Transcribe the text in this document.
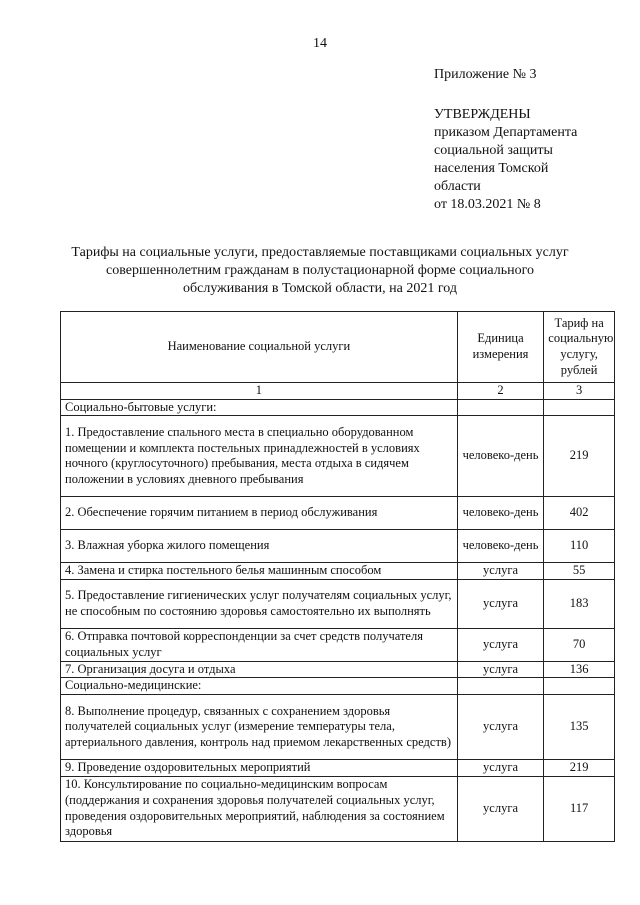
14
Приложение № 3
УТВЕРЖДЕНЫ
приказом Департамента
социальной защиты
населения Томской
области
от 18.03.2021 № 8
Тарифы на социальные услуги, предоставляемые поставщиками социальных услуг
совершеннолетним гражданам в полустационарной форме социального
обслуживания в Томской области, на 2021 год
Наименование социальной услуги	Единица измерения	Тариф на социальную услугу, рублей
1	2	3
Социально-бытовые услуги:		
1. Предоставление спального места в специально оборудованном помещении и комплекта постельных принадлежностей в условиях ночного (круглосуточного) пребывания, места отдыха в сидячем положении в условиях дневного пребывания	человеко-день	219
2. Обеспечение горячим питанием в период обслуживания	человеко-день	402
3. Влажная уборка жилого помещения	человеко-день	110
4. Замена и стирка постельного белья машинным способом	услуга	55
5. Предоставление гигиенических услуг получателям социальных услуг, не способным по состоянию здоровья самостоятельно их выполнять	услуга	183
6. Отправка почтовой корреспонденции за счет средств получателя социальных услуг	услуга	70
7. Организация досуга и отдыха	услуга	136
Социально-медицинские:		
8. Выполнение процедур, связанных с сохранением здоровья получателей социальных услуг (измерение температуры тела, артериального давления, контроль над приемом лекарственных средств)	услуга	135
9. Проведение оздоровительных мероприятий	услуга	219
10. Консультирование по социально-медицинским вопросам (поддержания и сохранения здоровья получателей социальных услуг, проведения оздоровительных мероприятий, наблюдения за состоянием здоровья	услуга	117
